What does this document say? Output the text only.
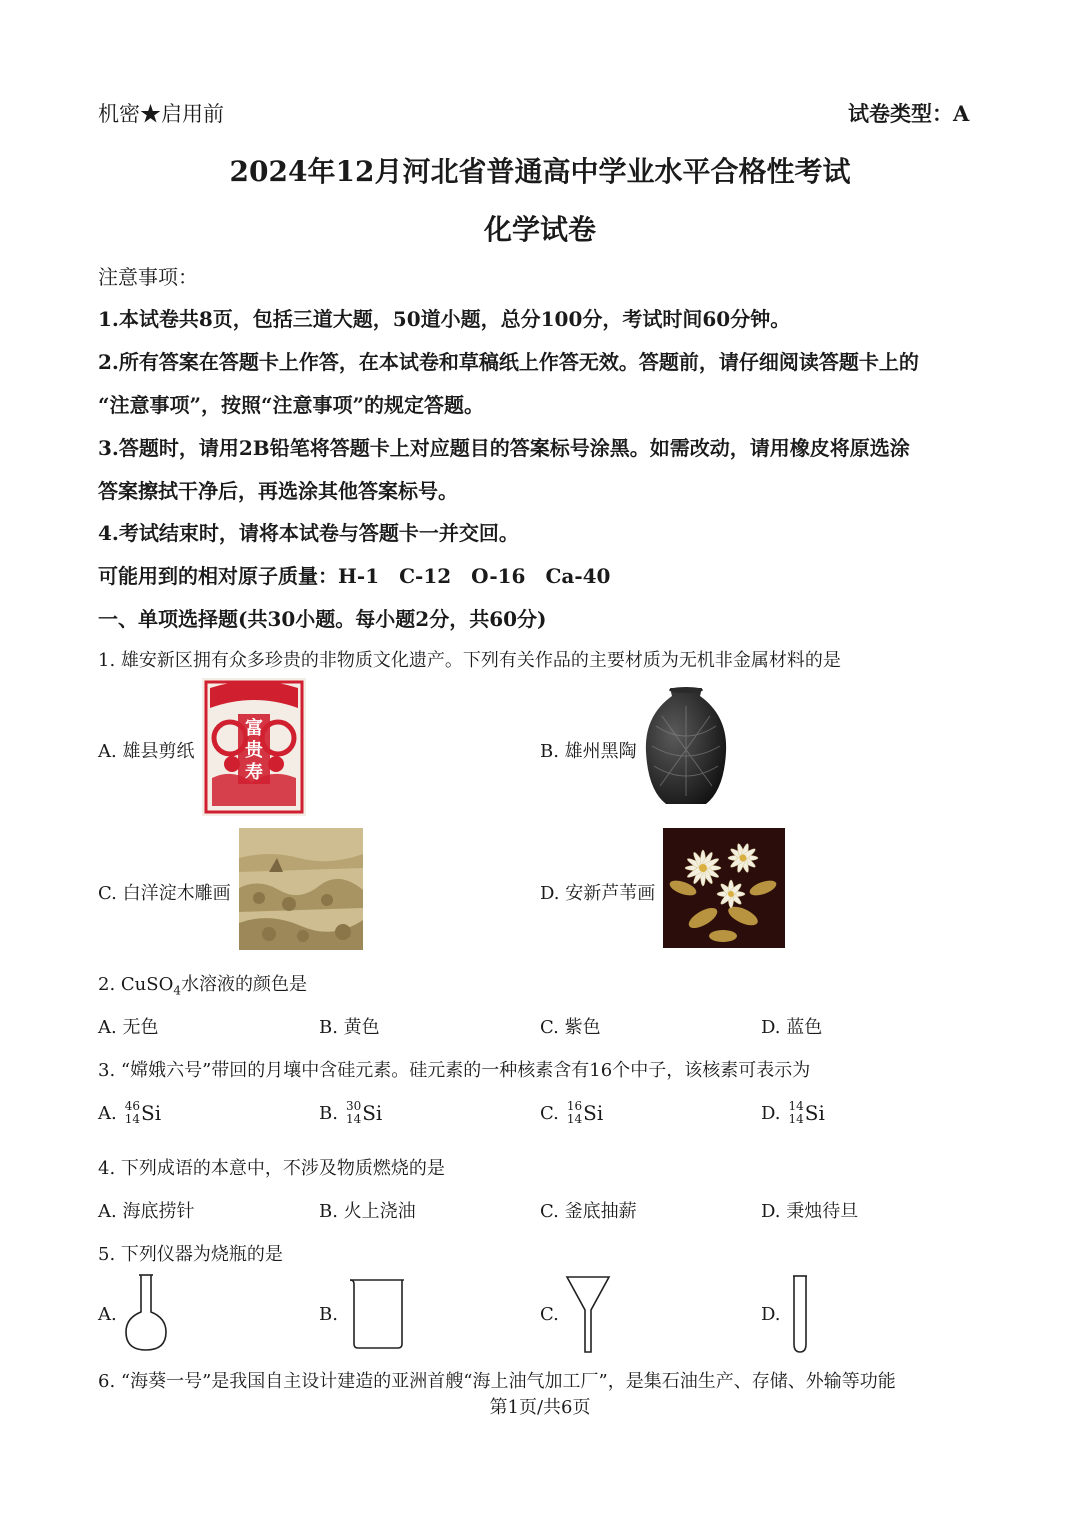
机密★启用前	试卷类型：A
2024年12月河北省普通高中学业水平合格性考试
化学试卷
注意事项：
1.本试卷共8页，包括三道大题，50道小题，总分100分，考试时间60分钟。
2.所有答案在答题卡上作答，在本试卷和草稿纸上作答无效。答题前，请仔细阅读答题卡上的
“注意事项”，按照“注意事项”的规定答题。
3.答题时，请用2B铅笔将答题卡上对应题目的答案标号涂黑。如需改动，请用橡皮将原选涂
答案擦拭干净后，再选涂其他答案标号。
4.考试结束时，请将本试卷与答题卡一并交回。
可能用到的相对原子质量：H-1　C-12　O-16　Ca-40
一、单项选择题(共30小题。每小题2分，共60分)
1. 雄安新区拥有众多珍贵的非物质文化遗产。下列有关作品的主要材质为无机非金属材料的是
A. 雄县剪纸
富贵寿
B. 雄州黑陶
C. 白洋淀木雕画	D. 安新芦苇画
2. CuSO$_4$水溶液的颜色是
A. 无色	B. 黄色	C. 紫色	D. 蓝色
3. “嫦娥六号”带回的月壤中含硅元素。硅元素的一种核素含有16个中子，该核素可表示为
A. 46
14 Si	B. 30
14 Si	C. 16
14 Si	D. 14
14 Si
4. 下列成语的本意中，不涉及物质燃烧的是
A. 海底捞针	B. 火上浇油	C. 釜底抽薪	D. 秉烛待旦
5. 下列仪器为烧瓶的是
A.	B.	C.	D.
6. “海葵一号”是我国自主设计建造的亚洲首艘“海上油气加工厂”，是集石油生产、存储、外输等功能
第1页/共6页
